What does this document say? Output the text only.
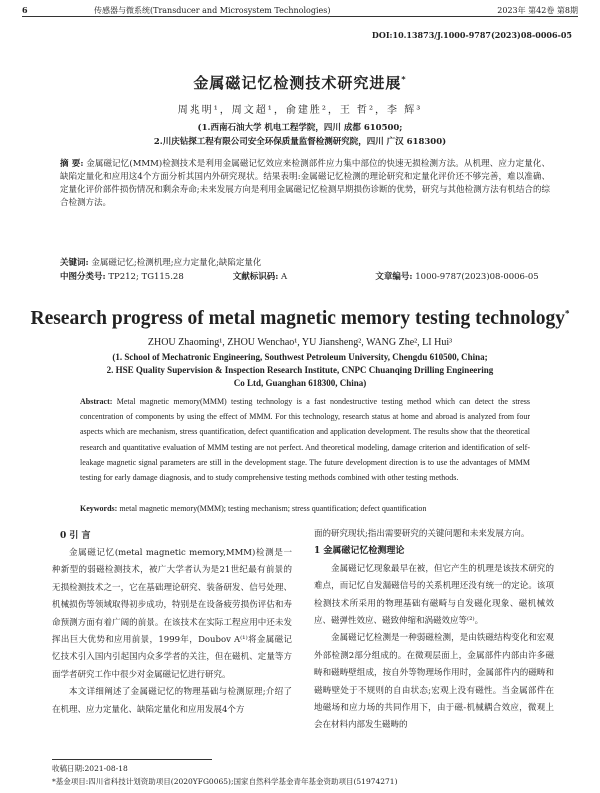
6	传感器与微系统(Transducer and Microsystem Technologies)	2023年 第42卷 第8期
DOI:10.13873/J.1000-9787(2023)08-0006-05
金属磁记忆检测技术研究进展*
周兆明¹，周文超¹，俞建胜²，王 哲²，李 辉³
(1.西南石油大学 机电工程学院，四川 成都 610500;
2.川庆钻探工程有限公司安全环保质量监督检测研究院，四川 广汉 618300)
摘 要: 金属磁记忆(MMM)检测技术是利用金属磁记忆效应来检测部件应力集中部位的快速无损检测方法。从机理、应力定量化、缺陷定量化和应用这4个方面分析其国内外研究现状。结果表明:金属磁记忆检测的理论研究和定量化评价还不够完善，难以准确、定量化评价部件损伤情况和剩余寿命;未来发展方向是利用金属磁记忆检测早期损伤诊断的优势，研究与其他检测方法有机结合的综合检测方法。
关键词: 金属磁记忆;检测机理;应力定量化;缺陷定量化
中图分类号: TP212; TG115.28	文献标识码: A	文章编号: 1000-9787(2023)08-0006-05
Research progress of metal magnetic memory testing technology*
ZHOU Zhaoming¹, ZHOU Wenchao¹, YU Jiansheng², WANG Zhe², LI Hui³
(1. School of Mechatronic Engineering, Southwest Petroleum University, Chengdu 610500, China;
2. HSE Quality Supervision & Inspection Research Institute, CNPC Chuanqing Drilling Engineering
Co Ltd, Guanghan 618300, China)
Abstract: Metal magnetic memory(MMM) testing technology is a fast nondestructive testing method which can detect the stress concentration of components by using the effect of MMM. For this technology, research status at home and abroad is analyzed from four aspects which are mechanism, stress quantification, defect quantification and application development. The results show that the theoretical research and quantitative evaluation of MMM testing are not perfect. And theoretical modeling, damage criterion and identification of self-leakage magnetic signal parameters are still in the development stage. The future development direction is to use the advantages of MMM testing for early damage diagnosis, and to study comprehensive testing methods combined with other testing methods.
Keywords: metal magnetic memory(MMM); testing mechanism; stress quantification; defect quantification
0 引 言

金属磁记忆(metal magnetic memory,MMM)检测是一种新型的弱磁检测技术，被广大学者认为是21世纪最有前景的无损检测技术之一，它在基础理论研究、装备研发、信号处理、机械损伤等领域取得初步成功，特别是在设备疲劳损伤评估和寿命预测方面有着广阔的前景。在该技术在实际工程应用中还未发挥出巨大优势和应用前景，1999年，Doubov A⁽¹⁾将金属磁记忆技术引入国内引起国内众多学者的关注，但在磁机、定量等方面学者研究工作中很少对金属磁记忆进行研究。

本文详细阐述了金属磁记忆的物理基础与检测原理;介绍了在机理、应力定量化、缺陷定量化和应用发展4个方

面的研究现状;指出需要研究的关键问题和未来发展方向。

1 金属磁记忆检测理论

金属磁记忆现象最早在被，但它产生的机理是该技术研究的难点，而记忆自发漏磁信号的关系机理还没有统一的定论。该项检测技术所采用的物理基础有磁畸与自发磁化现象、磁机械效应、磁弹性效应、磁致伸缩和涡磁效应等⁽²⁾。

金属磁记忆检测是一种弱磁检测，是由铁磁结构变化和宏观外部检测2部分组成的。在微观层面上，金属部件内部由许多磁畴和磁畴壁组成，按自外等物理场作用时，金属部件内的磁畴和磁畴壁处于不规则的自由状态;宏观上没有磁性。当金属部件在地磁场和应力场的共同作用下，由于磁-机械耦合效应，微观上会在材料内部发生磁畴的

收稿日期:2021-08-18
*基金项目:四川省科技计划资助项目(2020YFG0065);国家自然科学基金青年基金资助项目(51974271)
